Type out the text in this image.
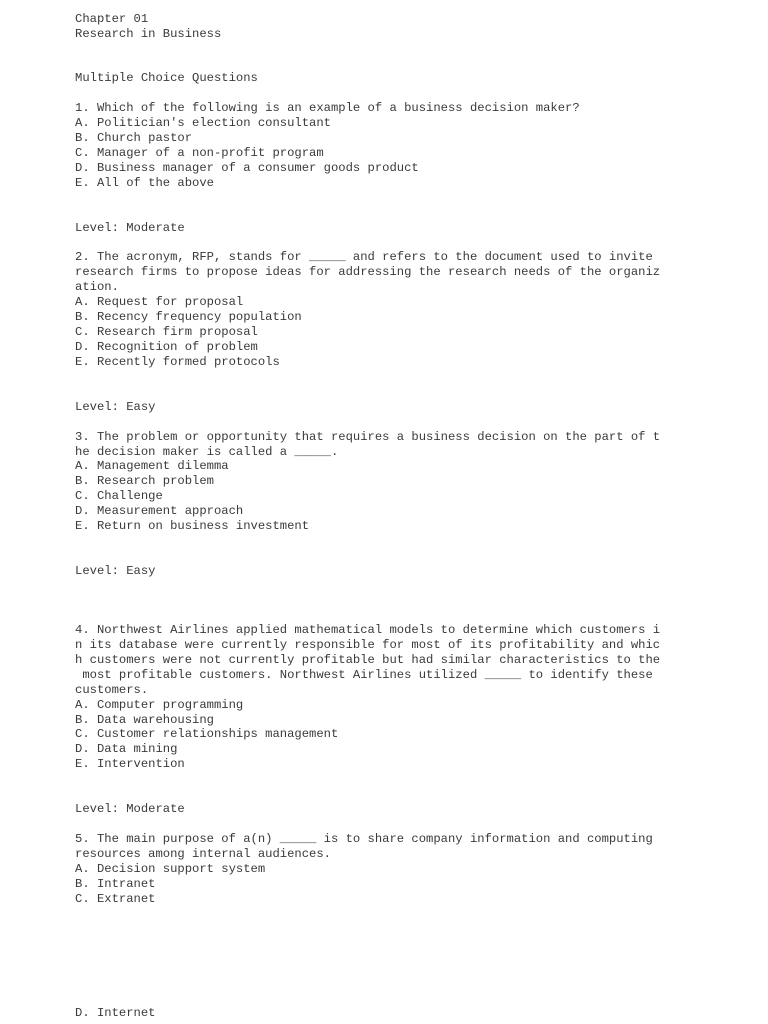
Chapter 01
Research in Business
Multiple Choice Questions
1. Which of the following is an example of a business decision maker?
A. Politician's election consultant
B. Church pastor
C. Manager of a non-profit program
D. Business manager of a consumer goods product
E. All of the above
Level: Moderate
2. The acronym, RFP, stands for _____ and refers to the document used to invite
research firms to propose ideas for addressing the research needs of the organiz
ation.
A. Request for proposal
B. Recency frequency population
C. Research firm proposal
D. Recognition of problem
E. Recently formed protocols
Level: Easy
3. The problem or opportunity that requires a business decision on the part of t
he decision maker is called a _____.
A. Management dilemma
B. Research problem
C. Challenge
D. Measurement approach
E. Return on business investment
Level: Easy
4. Northwest Airlines applied mathematical models to determine which customers i
n its database were currently responsible for most of its profitability and whic
h customers were not currently profitable but had similar characteristics to the
most profitable customers. Northwest Airlines utilized _____ to identify these
customers.
A. Computer programming
B. Data warehousing
C. Customer relationships management
D. Data mining
E. Intervention
Level: Moderate
5. The main purpose of a(n) _____ is to share company information and computing
resources among internal audiences.
A. Decision support system
B. Intranet
C. Extranet
D. Internet
